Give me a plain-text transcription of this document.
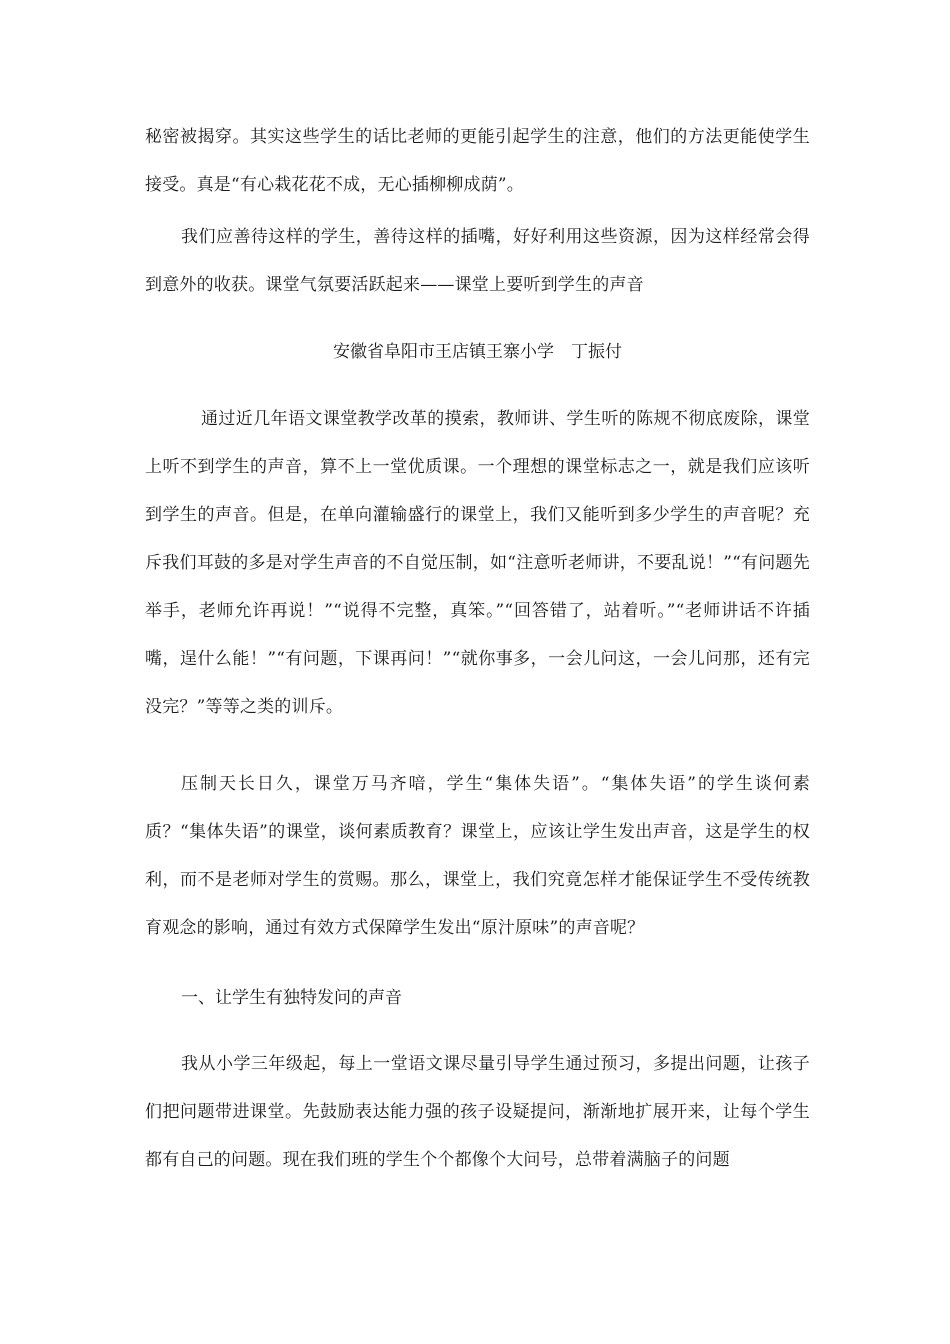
秘密被揭穿。其实这些学生的话比老师的更能引起学生的注意，他们的方法更能使学生接受。真是“有心栽花花不成，无心插柳柳成荫”。
我们应善待这样的学生，善待这样的插嘴，好好利用这些资源，因为这样经常会得到意外的收获。课堂气氛要活跃起来——课堂上要听到学生的声音
安徽省阜阳市王店镇王寨小学　丁振付
通过近几年语文课堂教学改革的摸索，教师讲、学生听的陈规不彻底废除，课堂上听不到学生的声音，算不上一堂优质课。一个理想的课堂标志之一，就是我们应该听到学生的声音。但是，在单向灌输盛行的课堂上，我们又能听到多少学生的声音呢？充斥我们耳鼓的多是对学生声音的不自觉压制，如“注意听老师讲，不要乱说！”“有问题先举手，老师允许再说！”“说得不完整，真笨。”“回答错了，站着听。”“老师讲话不许插嘴，逞什么能！”“有问题，下课再问！”“就你事多，一会儿问这，一会儿问那，还有完没完？”等等之类的训斥。
压制天长日久，课堂万马齐喑，学生“集体失语”。“集体失语”的学生谈何素质？“集体失语”的课堂，谈何素质教育？课堂上，应该让学生发出声音，这是学生的权利，而不是老师对学生的赏赐。那么，课堂上，我们究竟怎样才能保证学生不受传统教育观念的影响，通过有效方式保障学生发出“原汁原味”的声音呢？
一、让学生有独特发问的声音
我从小学三年级起，每上一堂语文课尽量引导学生通过预习，多提出问题，让孩子们把问题带进课堂。先鼓励表达能力强的孩子设疑提问，渐渐地扩展开来，让每个学生都有自己的问题。现在我们班的学生个个都像个大问号，总带着满脑子的问题
